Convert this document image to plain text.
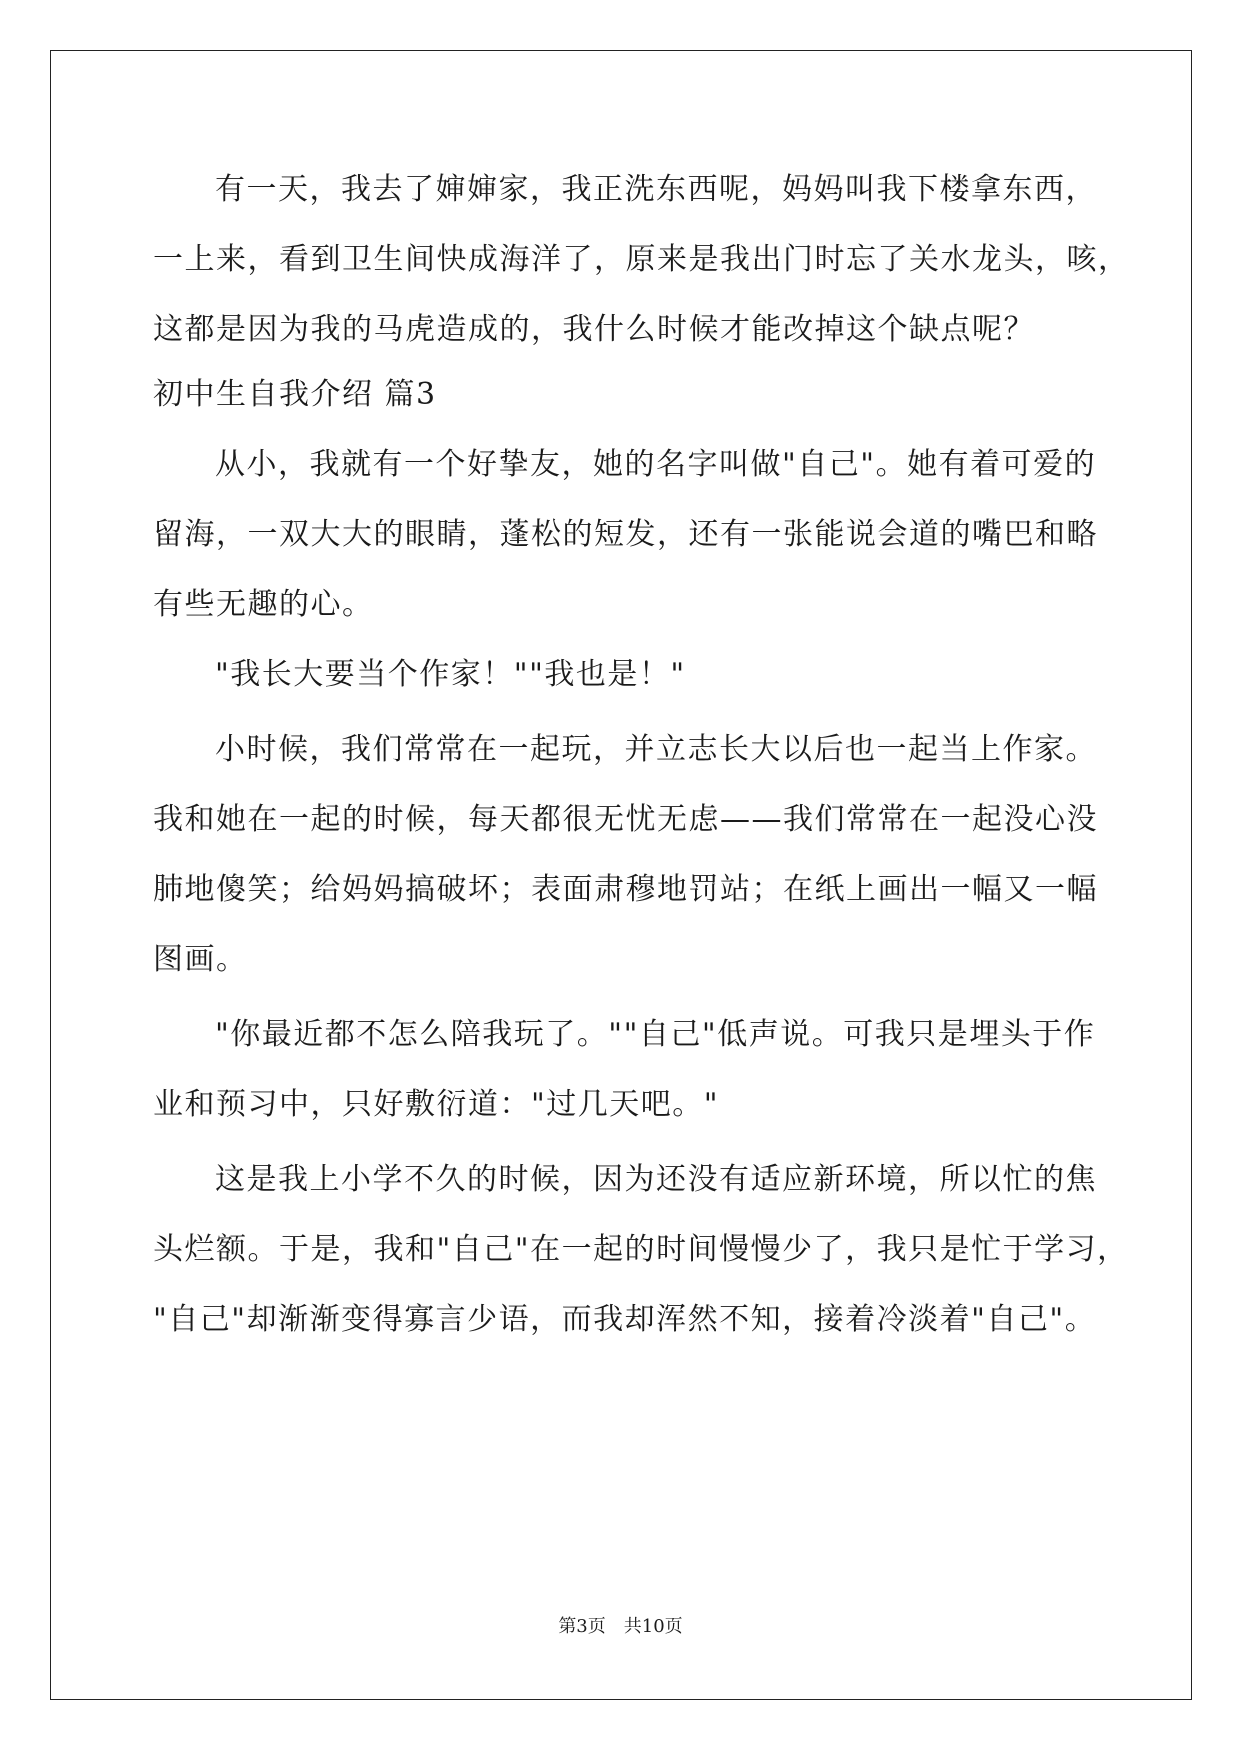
有一天，我去了婶婶家，我正洗东西呢，妈妈叫我下楼拿东西，
一上来，看到卫生间快成海洋了，原来是我出门时忘了关水龙头，咳，
这都是因为我的马虎造成的，我什么时候才能改掉这个缺点呢？
初中生自我介绍 篇3
从小，我就有一个好挚友，她的名字叫做"自己"。她有着可爱的
留海，一双大大的眼睛，蓬松的短发，还有一张能说会道的嘴巴和略
有些无趣的心。
"我长大要当个作家！""我也是！"
小时候，我们常常在一起玩，并立志长大以后也一起当上作家。
我和她在一起的时候，每天都很无忧无虑——我们常常在一起没心没
肺地傻笑；给妈妈搞破坏；表面肃穆地罚站；在纸上画出一幅又一幅
图画。
"你最近都不怎么陪我玩了。""自己"低声说。可我只是埋头于作
业和预习中，只好敷衍道："过几天吧。"
这是我上小学不久的时候，因为还没有适应新环境，所以忙的焦
头烂额。于是，我和"自己"在一起的时间慢慢少了，我只是忙于学习，
"自己"却渐渐变得寡言少语，而我却浑然不知，接着冷淡着"自己"。
第3页　共10页
